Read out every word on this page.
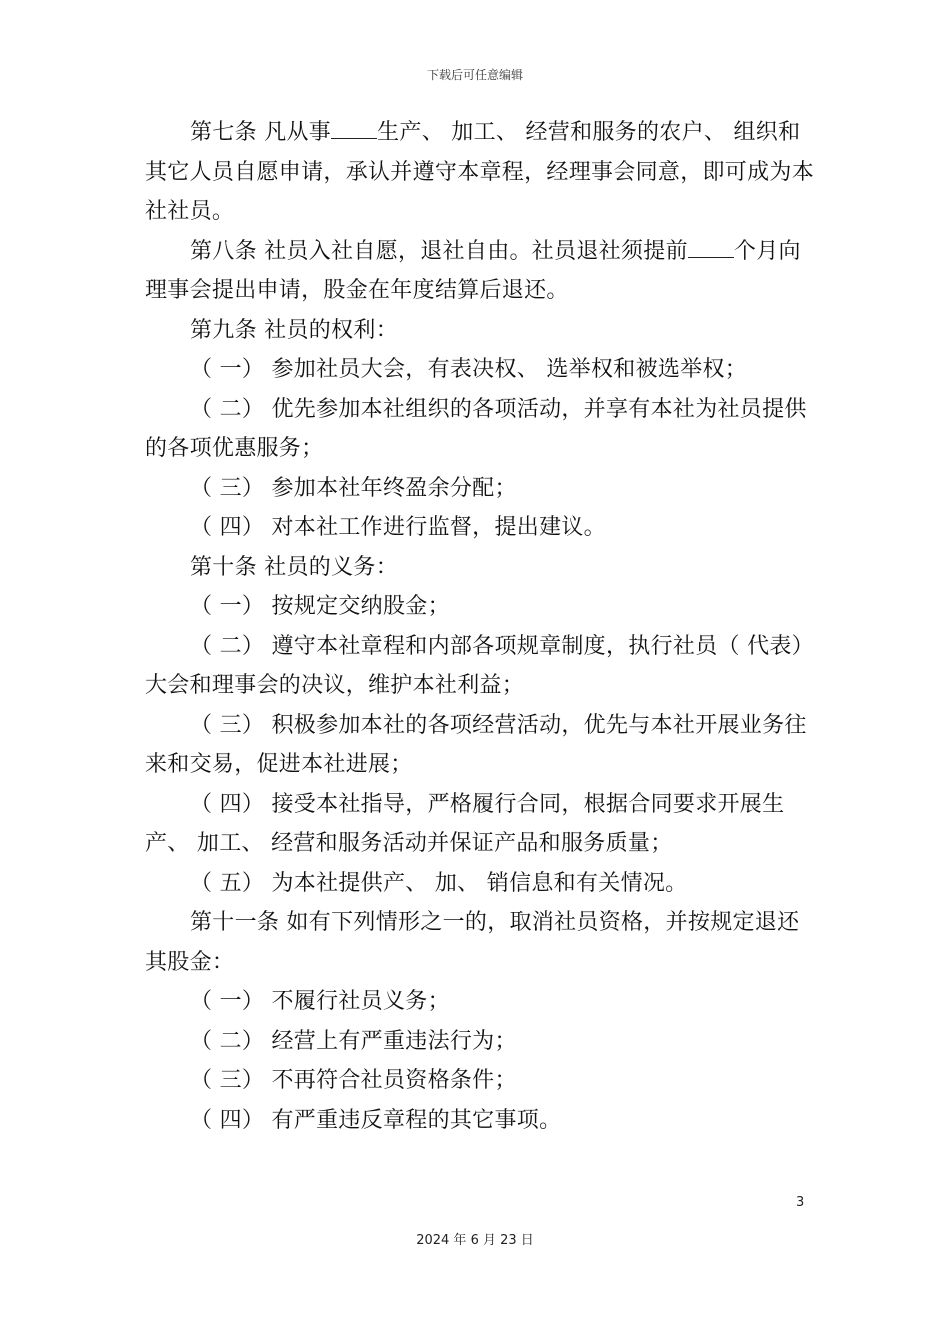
下载后可任意编辑

第七条 凡从事 生产、 加工、 经营和服务的农户、 组织和其它人员自愿申请，承认并遵守本章程，经理事会同意，即可成为本社社员。

第八条 社员入社自愿，退社自由。社员退社须提前 个月向理事会提出申请，股金在年度结算后退还。

第九条 社员的权利：

（ 一） 参加社员大会，有表决权、 选举权和被选举权；

（ 二） 优先参加本社组织的各项活动，并享有本社为社员提供的各项优惠服务；

（ 三） 参加本社年终盈余分配；

（ 四） 对本社工作进行监督，提出建议。

第十条 社员的义务：

（ 一） 按规定交纳股金；

（ 二） 遵守本社章程和内部各项规章制度，执行社员（ 代表）大会和理事会的决议，维护本社利益；

（ 三） 积极参加本社的各项经营活动，优先与本社开展业务往来和交易，促进本社进展；

（ 四） 接受本社指导，严格履行合同，根据合同要求开展生产、 加工、 经营和服务活动并保证产品和服务质量；

（ 五） 为本社提供产、 加、 销信息和有关情况。

第十一条 如有下列情形之一的，取消社员资格，并按规定退还其股金：

（ 一） 不履行社员义务；

（ 二） 经营上有严重违法行为；

（ 三） 不再符合社员资格条件；

（ 四） 有严重违反章程的其它事项。

3
2024 年 6 月 23 日
